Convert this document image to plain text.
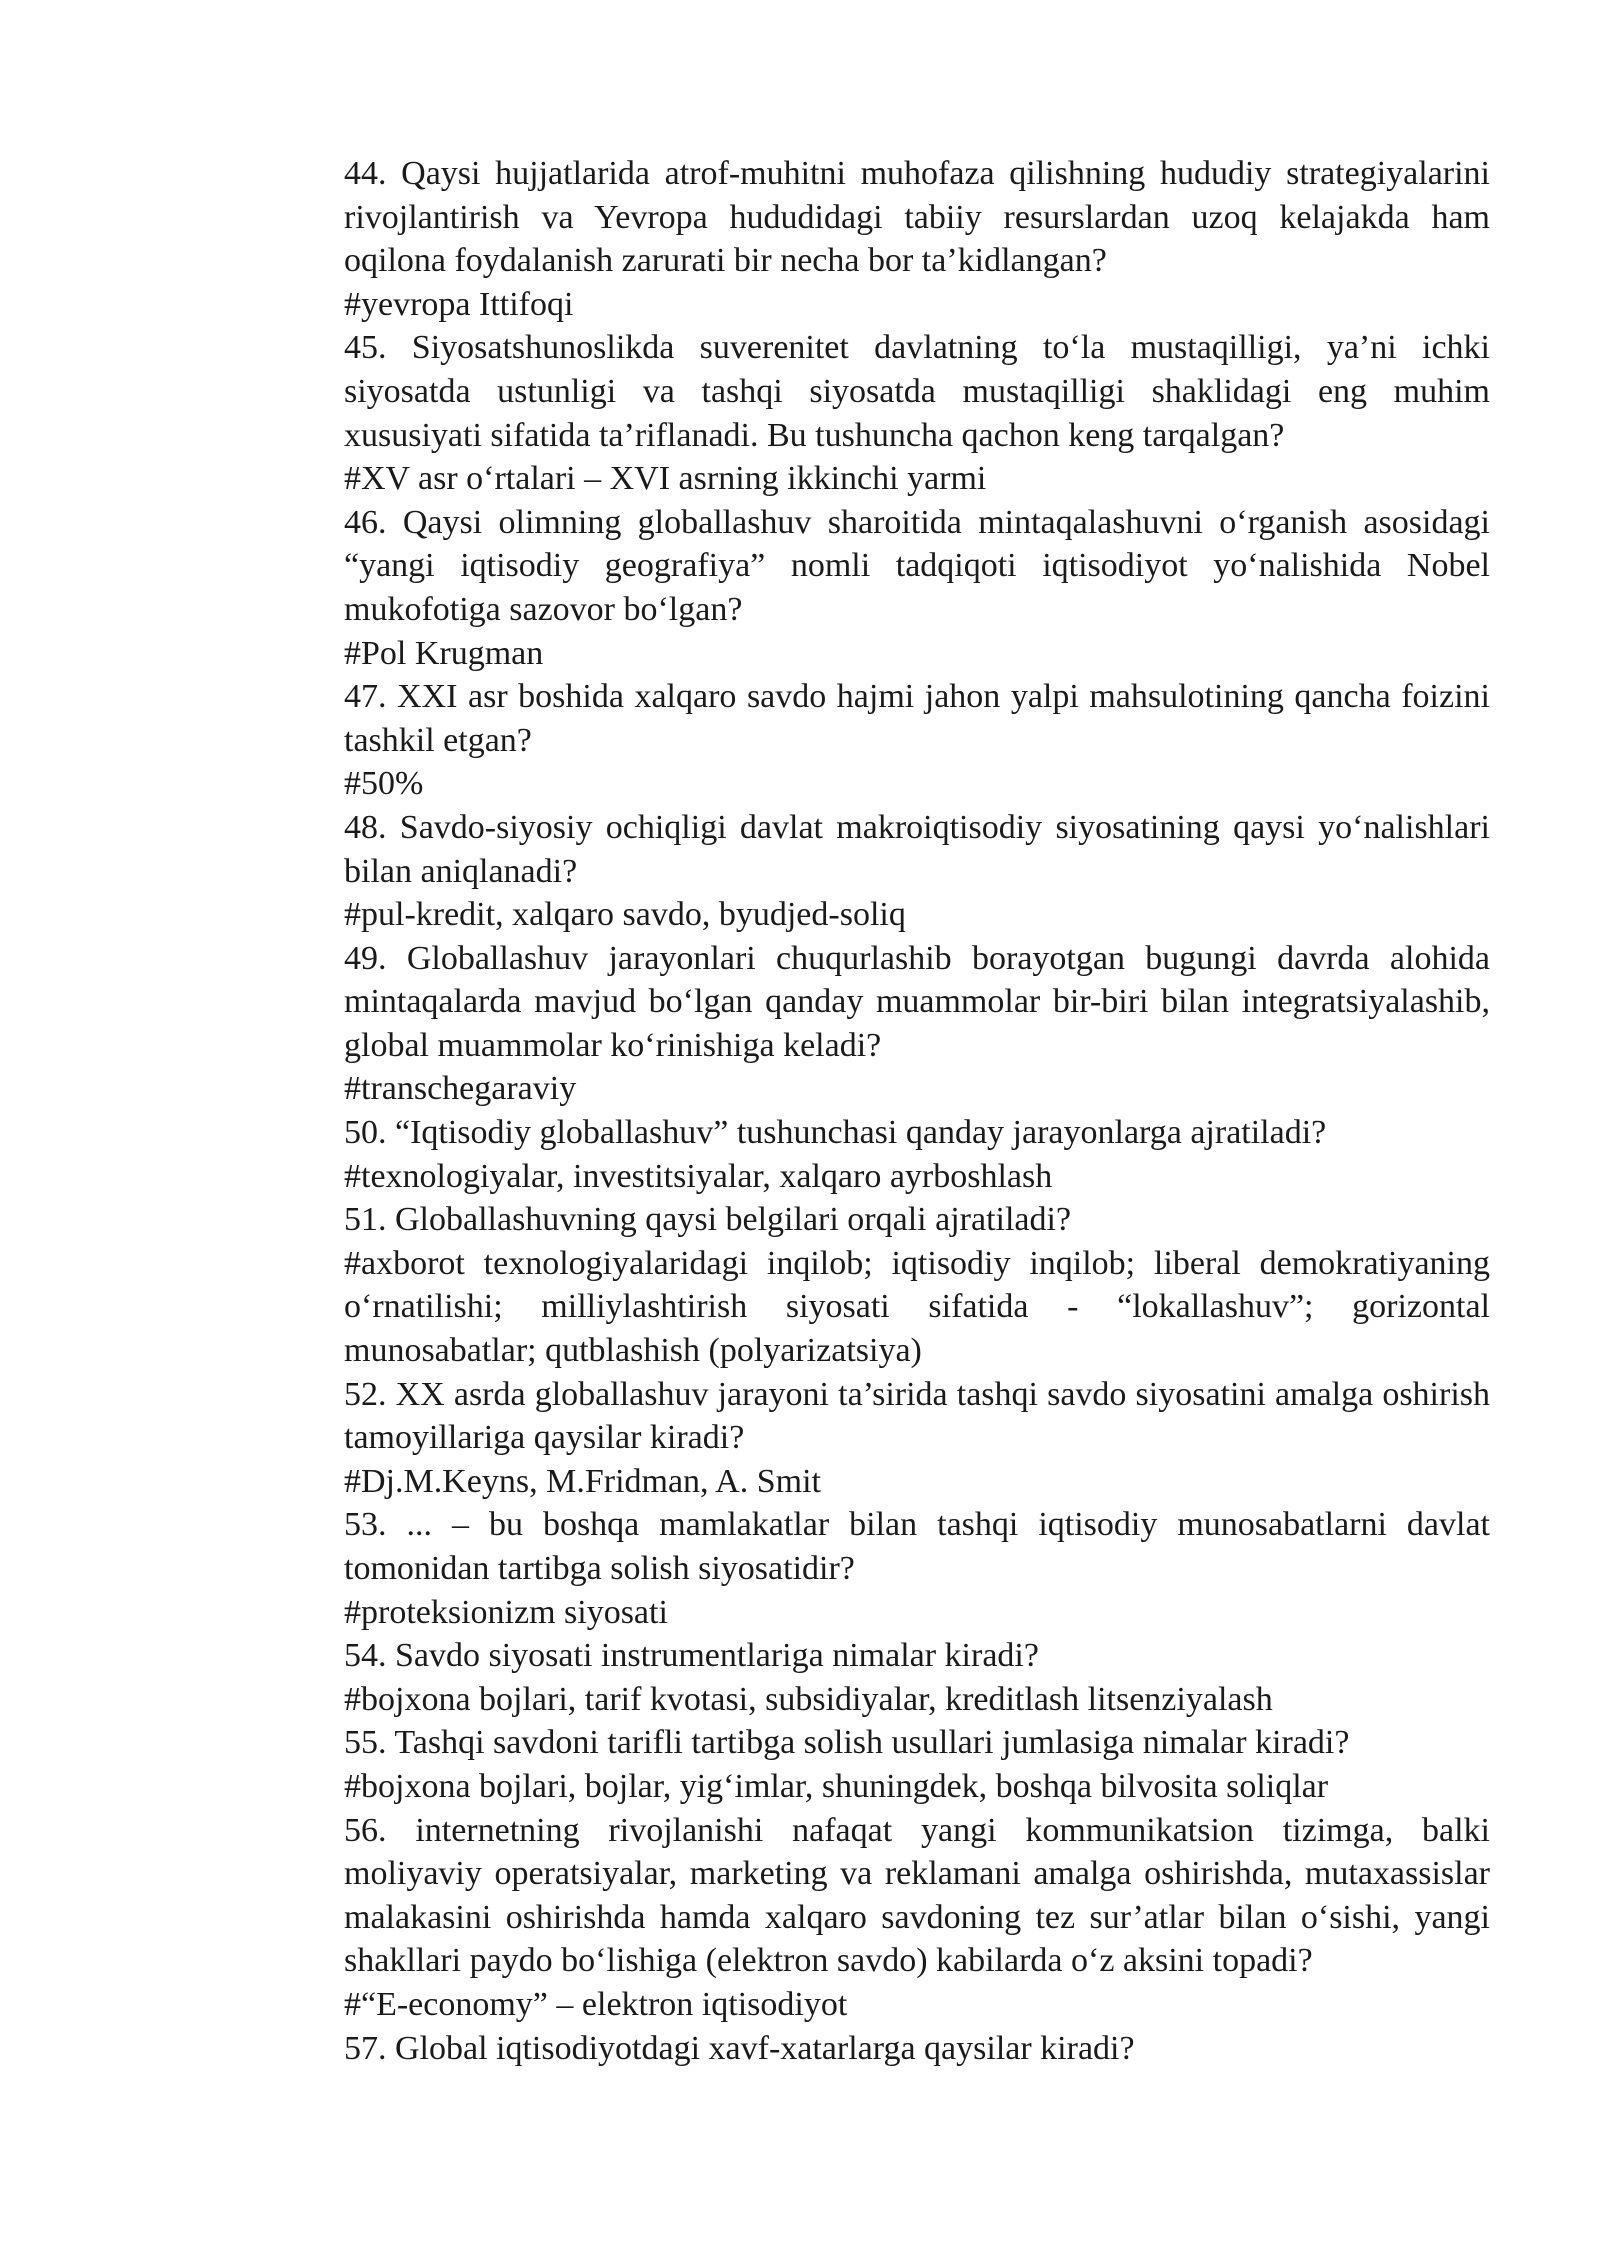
44. Qaysi hujjatlarida atrof-muhitni muhofaza qilishning hududiy strategiyalarini rivojlantirish va Yevropa hududidagi tabiiy resurslardan uzoq kelajakda ham oqilona foydalanish zarurati bir necha bor ta’kidlangan?
#yevropa Ittifoqi
45. Siyosatshunoslikda suverenitet davlatning to‘la mustaqilligi, ya’ni ichki siyosatda ustunligi va tashqi siyosatda mustaqilligi shaklidagi eng muhim xususiyati sifatida ta’riflanadi. Bu tushuncha qachon keng tarqalgan?
#XV asr o‘rtalari – XVI asrning ikkinchi yarmi
46. Qaysi olimning globallashuv sharoitida mintaqalashuvni o‘rganish asosidagi “yangi iqtisodiy geografiya” nomli tadqiqoti iqtisodiyot yo‘nalishida Nobel mukofotiga sazovor bo‘lgan?
#Pol Krugman
47. XXI asr boshida xalqaro savdo hajmi jahon yalpi mahsulotining qancha foizini tashkil etgan?
#50%
48. Savdo-siyosiy ochiqligi davlat makroiqtisodiy siyosatining qaysi yo‘nalishlari bilan aniqlanadi?
#pul-kredit, xalqaro savdo, byudjed-soliq
49. Globallashuv jarayonlari chuqurlashib borayotgan bugungi davrda alohida mintaqalarda mavjud bo‘lgan qanday muammolar bir-biri bilan integratsiyalashib, global muammolar ko‘rinishiga keladi?
#transchegaraviy
50. “Iqtisodiy globallashuv” tushunchasi qanday jarayonlarga ajratiladi?
#texnologiyalar, investitsiyalar, xalqaro ayrboshlash
51. Globallashuvning qaysi belgilari orqali ajratiladi?
#axborot texnologiyalaridagi inqilob; iqtisodiy inqilob; liberal demokratiyaning o‘rnatilishi; milliylashtirish siyosati sifatida - “lokallashuv”; gorizontal munosabatlar; qutblashish (polyarizatsiya)
52. XX asrda globallashuv jarayoni ta’sirida tashqi savdo siyosatini amalga oshirish tamoyillariga qaysilar kiradi?
#Dj.M.Keyns, M.Fridman, A. Smit
53. ... – bu boshqa mamlakatlar bilan tashqi iqtisodiy munosabatlarni davlat tomonidan tartibga solish siyosatidir?
#proteksionizm siyosati
54. Savdo siyosati instrumentlariga nimalar kiradi?
#bojxona bojlari, tarif kvotasi, subsidiyalar, kreditlash litsenziyalash
55. Tashqi savdoni tarifli tartibga solish usullari jumlasiga nimalar kiradi?
#bojxona bojlari, bojlar, yig‘imlar, shuningdek, boshqa bilvosita soliqlar
56. internetning rivojlanishi nafaqat yangi kommunikatsion tizimga, balki moliyaviy operatsiyalar, marketing va reklamani amalga oshirishda, mutaxassislar malakasini oshirishda hamda xalqaro savdoning tez sur’atlar bilan o‘sishi, yangi shakllari paydo bo‘lishiga (elektron savdo) kabilarda o‘z aksini topadi?
#“E-economy” – elektron iqtisodiyot
57. Global iqtisodiyotdagi xavf-xatarlarga qaysilar kiradi?
